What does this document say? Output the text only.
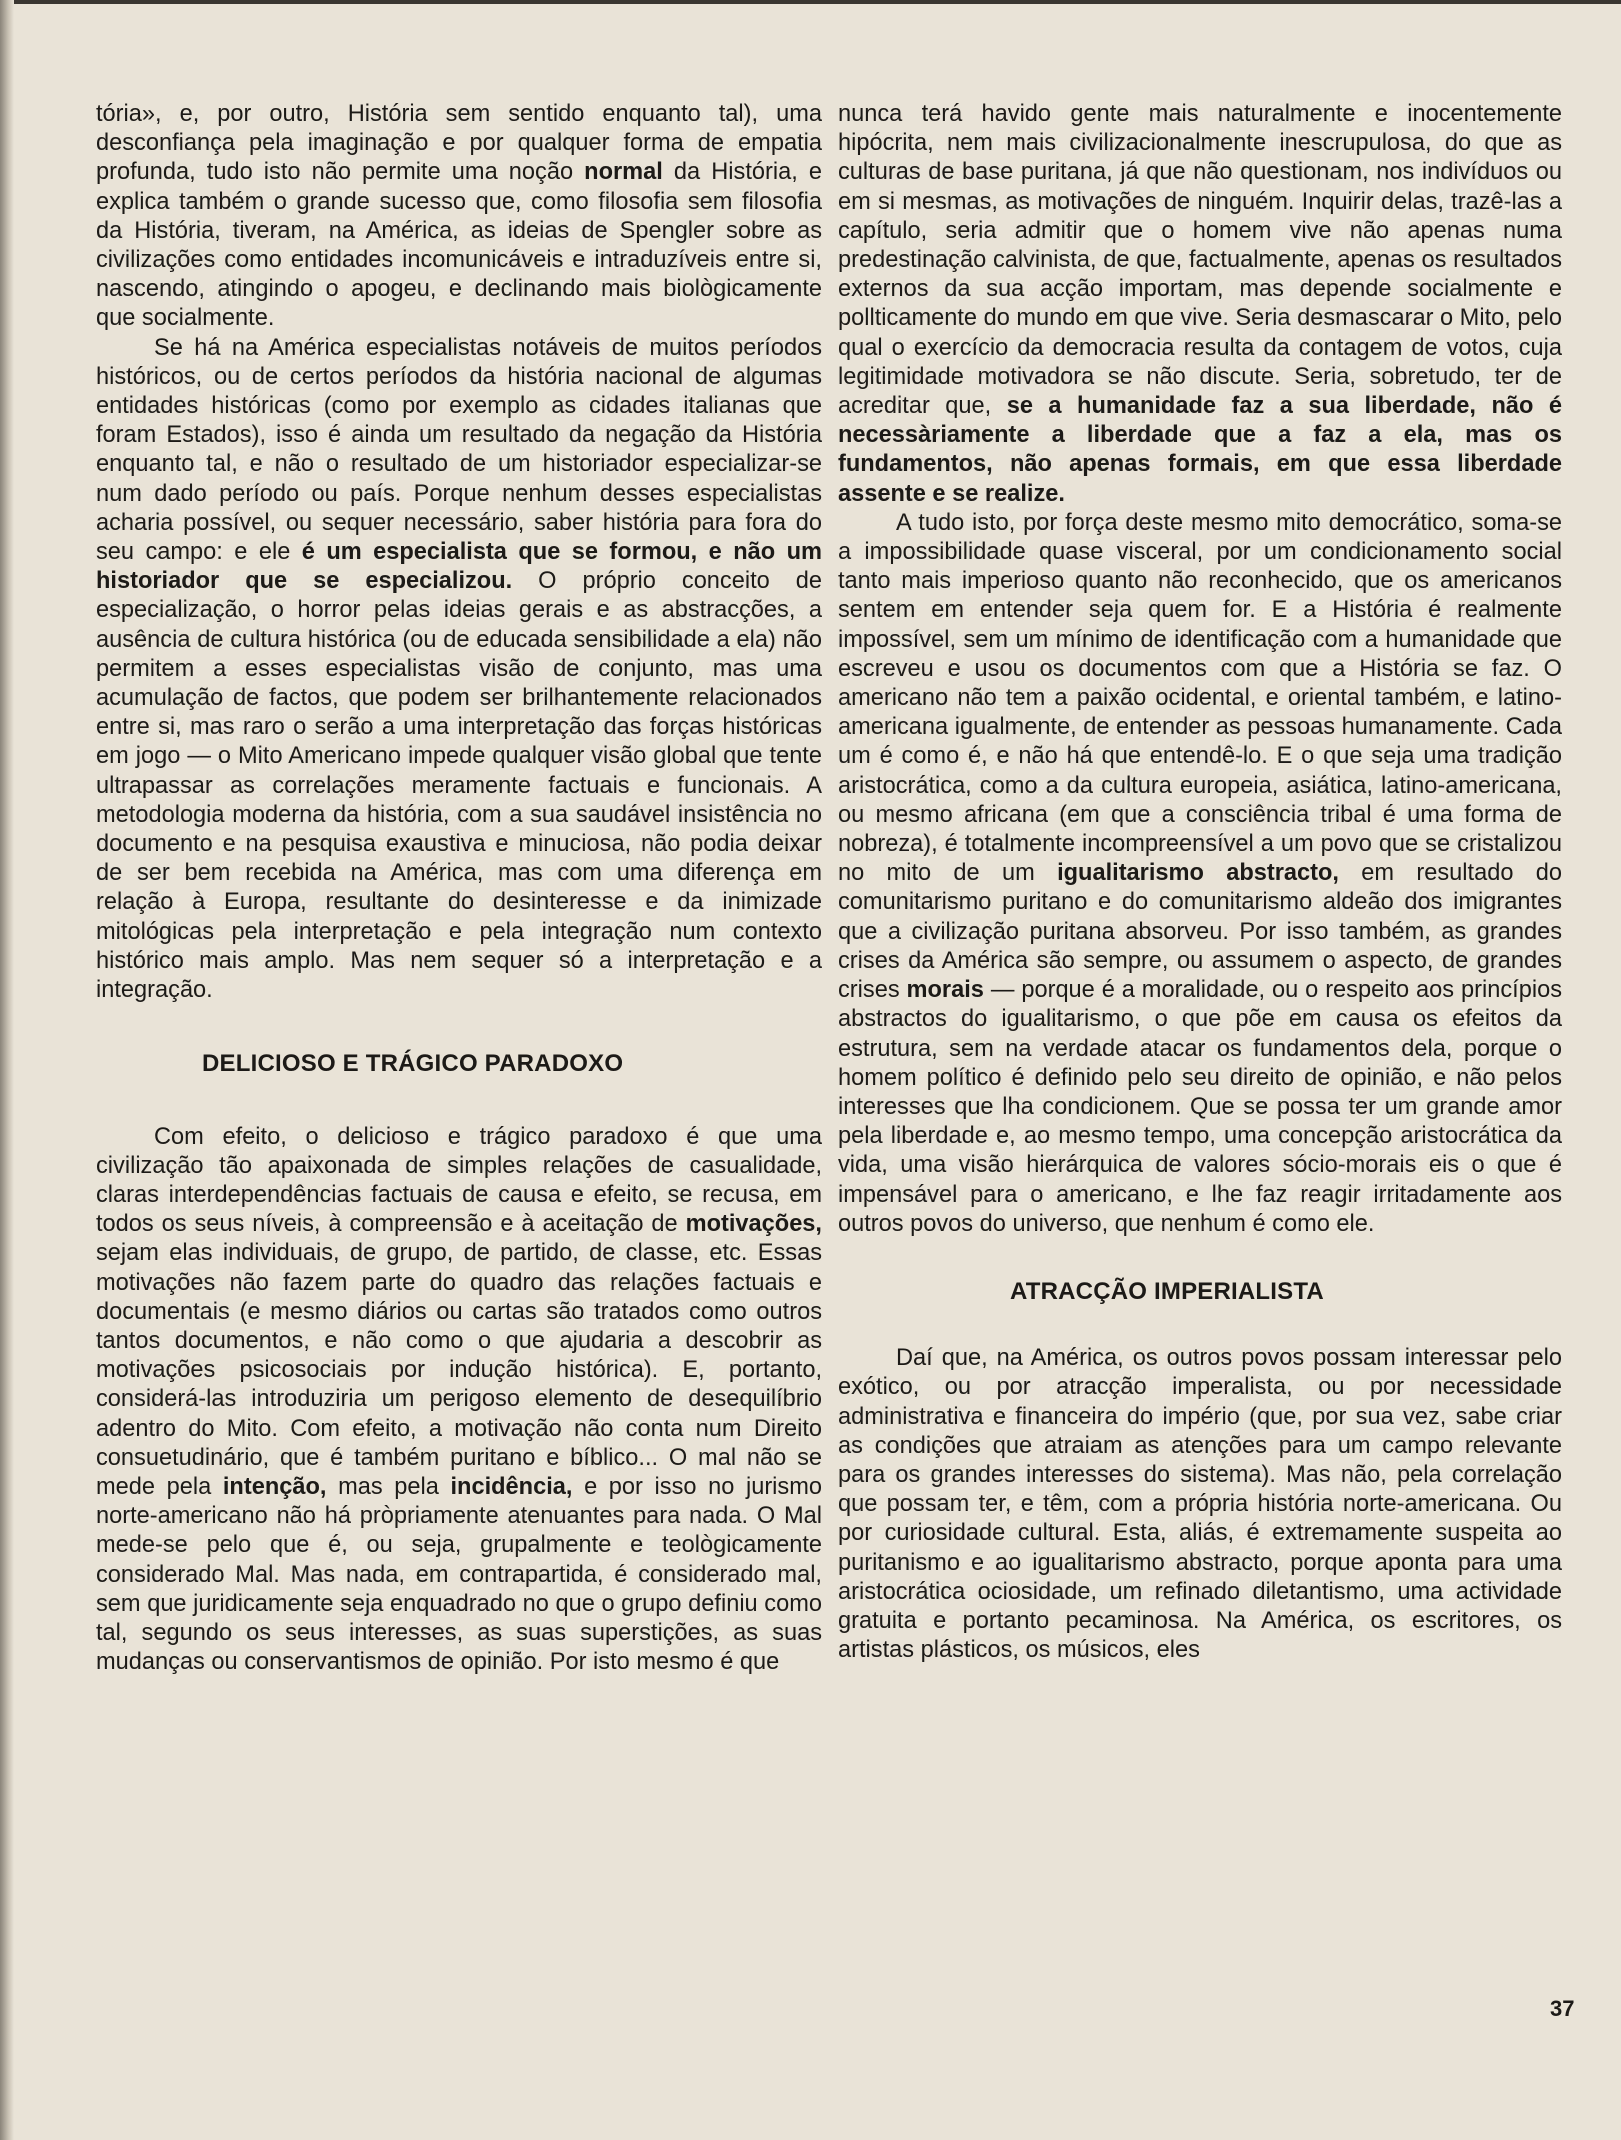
tória», e, por outro, História sem sentido enquanto tal), uma desconfiança pela imaginação e por qualquer forma de empatia profunda, tudo isto não permite uma noção normal da História, e explica também o grande sucesso que, como filosofia sem filosofia da História, tiveram, na América, as ideias de Spengler sobre as civilizações como entidades incomunicáveis e intraduzíveis entre si, nascendo, atingindo o apogeu, e declinando mais biològicamente que socialmente.

Se há na América especialistas notáveis de muitos períodos históricos, ou de certos períodos da história nacional de algumas entidades históricas (como por exemplo as cidades italianas que foram Estados), isso é ainda um resultado da negação da História enquanto tal, e não o resultado de um historiador especializar-se num dado período ou país. Porque nenhum desses especialistas acharia possível, ou sequer necessário, saber história para fora do seu campo: e ele é um especialista que se formou, e não um historiador que se especializou. O próprio conceito de especialização, o horror pelas ideias gerais e as abstracções, a ausência de cultura histórica (ou de educada sensibilidade a ela) não permitem a esses especialistas visão de conjunto, mas uma acumulação de factos, que podem ser brilhantemente relacionados entre si, mas raro o serão a uma interpretação das forças históricas em jogo — o Mito Americano impede qualquer visão global que tente ultrapassar as correlações meramente factuais e funcionais. A metodologia moderna da história, com a sua saudável insistência no documento e na pesquisa exaustiva e minuciosa, não podia deixar de ser bem recebida na América, mas com uma diferença em relação à Europa, resultante do desinteresse e da inimizade mitológicas pela interpretação e pela integração num contexto histórico mais amplo. Mas nem sequer só a interpretação e a integração.

DELICIOSO E TRÁGICO PARADOXO

Com efeito, o delicioso e trágico paradoxo é que uma civilização tão apaixonada de simples relações de casualidade, claras interdependências factuais de causa e efeito, se recusa, em todos os seus níveis, à compreensão e à aceitação de motivações, sejam elas individuais, de grupo, de partido, de classe, etc. Essas motivações não fazem parte do quadro das relações factuais e documentais (e mesmo diários ou cartas são tratados como outros tantos documentos, e não como o que ajudaria a descobrir as motivações psicosociais por indução histórica). E, portanto, considerá-las introduziria um perigoso elemento de desequilíbrio adentro do Mito. Com efeito, a motivação não conta num Direito consuetudinário, que é também puritano e bíblico... O mal não se mede pela intenção, mas pela incidência, e por isso no jurismo norte-americano não há pròpriamente atenuantes para nada. O Mal mede-se pelo que é, ou seja, grupalmente e teològicamente considerado Mal. Mas nada, em contrapartida, é considerado mal, sem que juridicamente seja enquadrado no que o grupo definiu como tal, segundo os seus interesses, as suas superstições, as suas mudanças ou conservantismos de opinião. Por isto mesmo é que

nunca terá havido gente mais naturalmente e inocentemente hipócrita, nem mais civilizacionalmente inescrupulosa, do que as culturas de base puritana, já que não questionam, nos indivíduos ou em si mesmas, as motivações de ninguém. Inquirir delas, trazê-las a capítulo, seria admitir que o homem vive não apenas numa predestinação calvinista, de que, factualmente, apenas os resultados externos da sua acção importam, mas depende socialmente e pollticamente do mundo em que vive. Seria desmascarar o Mito, pelo qual o exercício da democracia resulta da contagem de votos, cuja legitimidade motivadora se não discute. Seria, sobretudo, ter de acreditar que, se a humanidade faz a sua liberdade, não é necessàriamente a liberdade que a faz a ela, mas os fundamentos, não apenas formais, em que essa liberdade assente e se realize.

A tudo isto, por força deste mesmo mito democrático, soma-se a impossibilidade quase visceral, por um condicionamento social tanto mais imperioso quanto não reconhecido, que os americanos sentem em entender seja quem for. E a História é realmente impossível, sem um mínimo de identificação com a humanidade que escreveu e usou os documentos com que a História se faz. O americano não tem a paixão ocidental, e oriental também, e latino-americana igualmente, de entender as pessoas humanamente. Cada um é como é, e não há que entendê-lo. E o que seja uma tradição aristocrática, como a da cultura europeia, asiática, latino-americana, ou mesmo africana (em que a consciência tribal é uma forma de nobreza), é totalmente incompreensível a um povo que se cristalizou no mito de um igualitarismo abstracto, em resultado do comunitarismo puritano e do comunitarismo aldeão dos imigrantes que a civilização puritana absorveu. Por isso também, as grandes crises da América são sempre, ou assumem o aspecto, de grandes crises morais — porque é a moralidade, ou o respeito aos princípios abstractos do igualitarismo, o que põe em causa os efeitos da estrutura, sem na verdade atacar os fundamentos dela, porque o homem político é definido pelo seu direito de opinião, e não pelos interesses que lha condicionem. Que se possa ter um grande amor pela liberdade e, ao mesmo tempo, uma concepção aristocrática da vida, uma visão hierárquica de valores sócio-morais eis o que é impensável para o americano, e lhe faz reagir irritadamente aos outros povos do universo, que nenhum é como ele.

ATRACÇÃO IMPERIALISTA

Daí que, na América, os outros povos possam interessar pelo exótico, ou por atracção imperalista, ou por necessidade administrativa e financeira do império (que, por sua vez, sabe criar as condições que atraiam as atenções para um campo relevante para os grandes interesses do sistema). Mas não, pela correlação que possam ter, e têm, com a própria história norte-americana. Ou por curiosidade cultural. Esta, aliás, é extremamente suspeita ao puritanismo e ao igualitarismo abstracto, porque aponta para uma aristocrática ociosidade, um refinado diletantismo, uma actividade gratuita e portanto pecaminosa. Na América, os escritores, os artistas plásticos, os músicos, eles

37
